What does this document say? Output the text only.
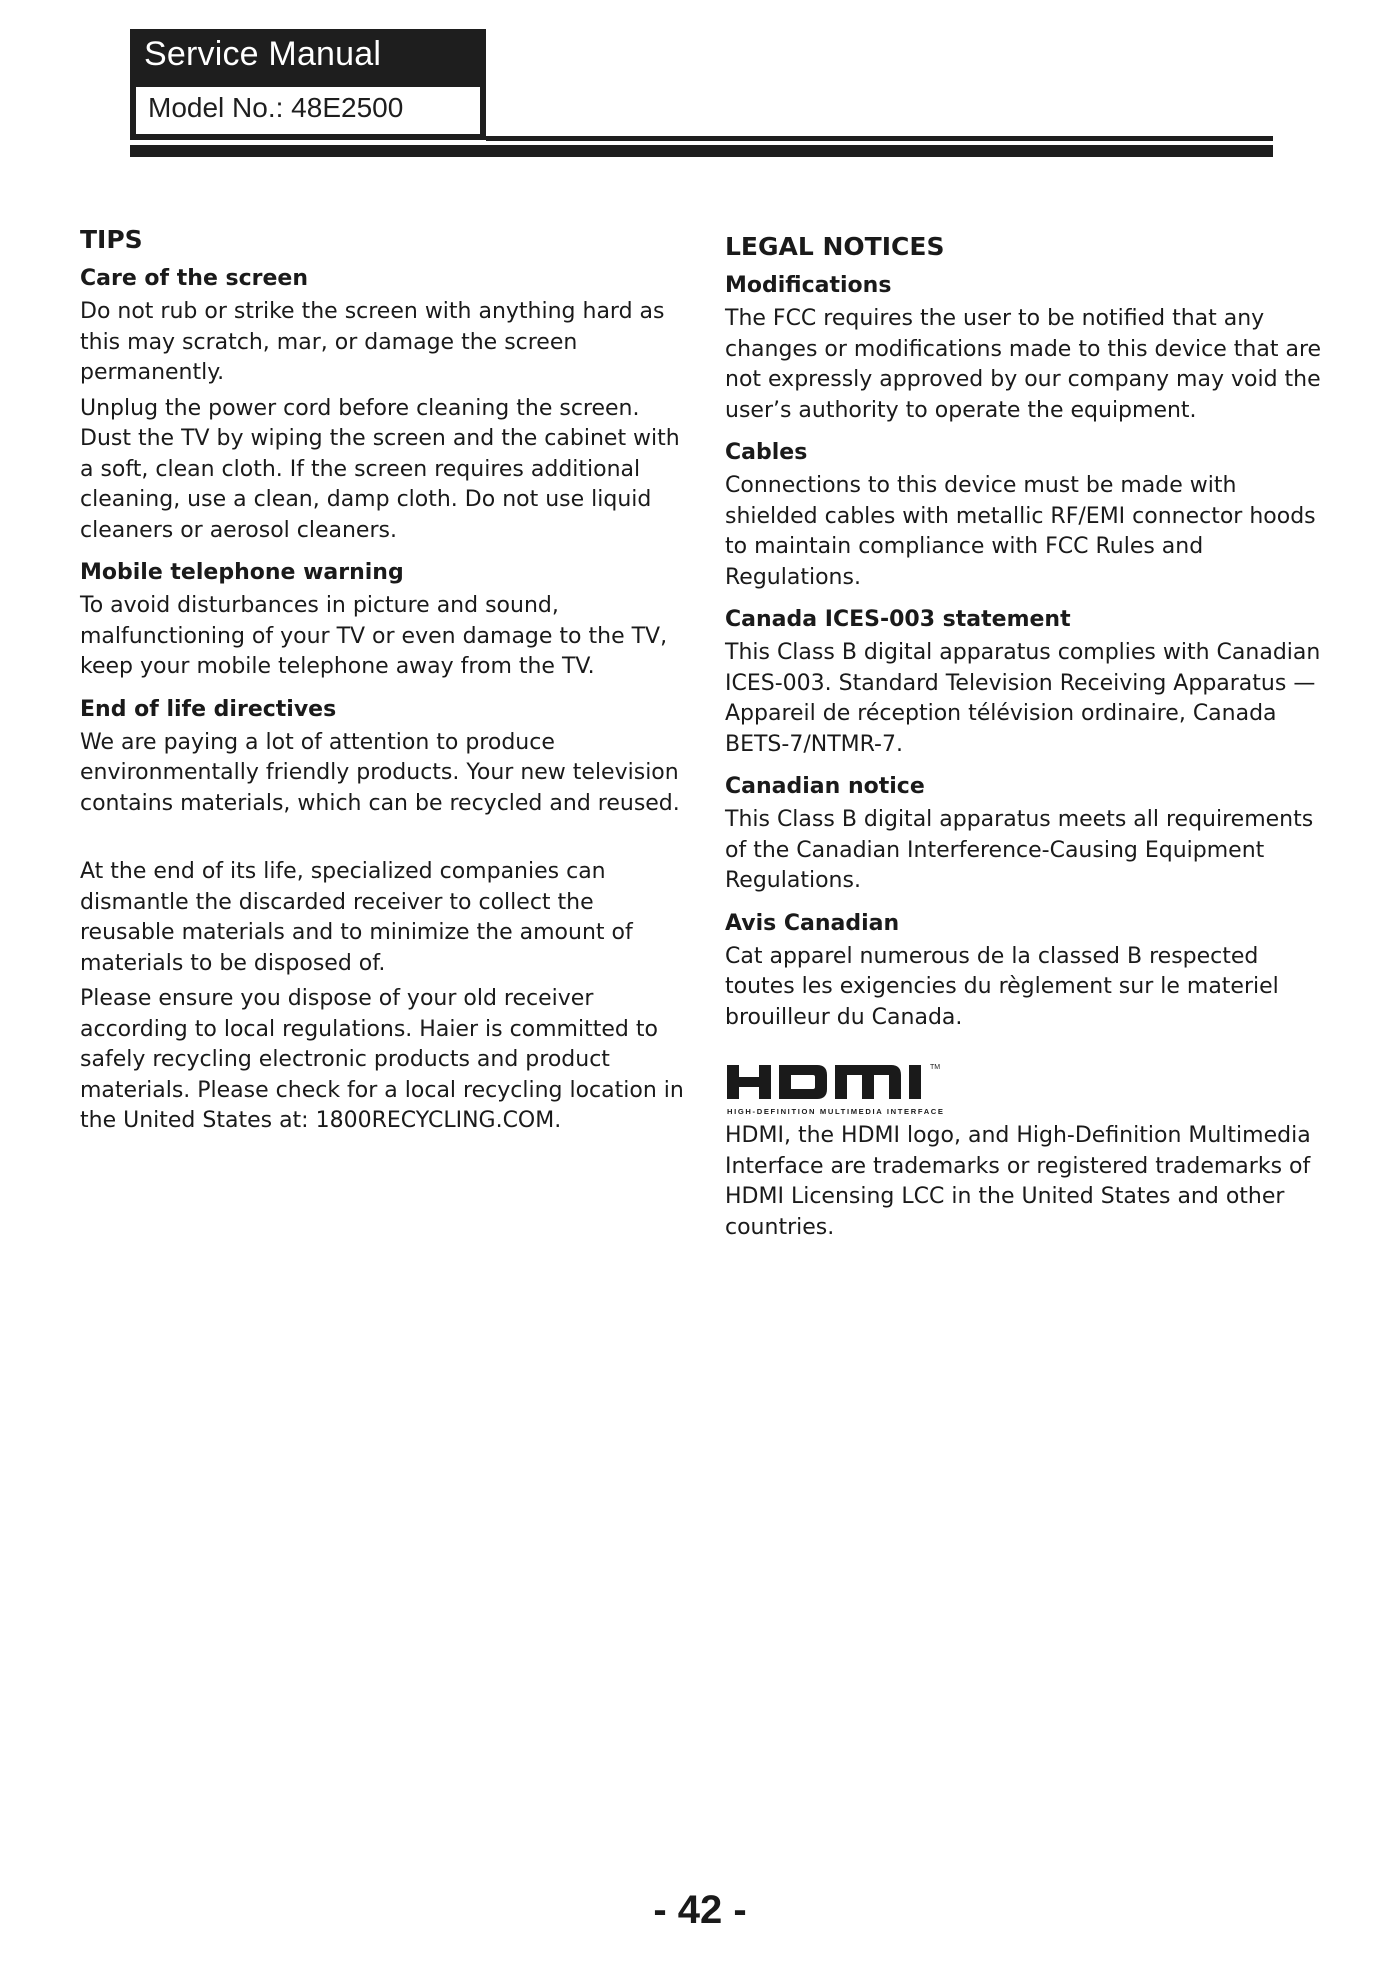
Service Manual
Model No.: 48E2500
TIPS
Care of the screen

Do not rub or strike the screen with anything hard as this may scratch, mar, or damage the screen permanently.

Unplug the power cord before cleaning the screen. Dust the TV by wiping the screen and the cabinet with a soft, clean cloth. If the screen requires additional cleaning, use a clean, damp cloth. Do not use liquid cleaners or aerosol cleaners.

Mobile telephone warning

To avoid disturbances in picture and sound, malfunctioning of your TV or even damage to the TV, keep your mobile telephone away from the TV.

End of life directives

We are paying a lot of attention to produce environmentally friendly products. Your new television contains materials, which can be recycled and reused.

At the end of its life, specialized companies can dismantle the discarded receiver to collect the reusable materials and to minimize the amount of materials to be disposed of.

Please ensure you dispose of your old receiver according to local regulations. Haier is committed to safely recycling electronic products and product materials. Please check for a local recycling location in the United States at: 1800RECYCLING.COM.

LEGAL NOTICES
Modifications

The FCC requires the user to be notified that any changes or modifications made to this device that are not expressly approved by our company may void the user’s authority to operate the equipment.

Cables

Connections to this device must be made with shielded cables with metallic RF/EMI connector hoods to maintain compliance with FCC Rules and Regulations.

Canada ICES-003 statement

This Class B digital apparatus complies with Canadian ICES-003. Standard Television Receiving Apparatus — Appareil de réception télévision ordinaire, Canada BETS-7/NTMR-7.

Canadian notice

This Class B digital apparatus meets all requirements of the Canadian Interference-Causing Equipment Regulations.

Avis Canadian

Cat apparel numerous de la classed B respected toutes les exigencies du règlement sur le materiel brouilleur du Canada.

TM
HIGH-DEFINITION MULTIMEDIA INTERFACE

HDMI, the HDMI logo, and High-Definition Multimedia Interface are trademarks or registered trademarks of HDMI Licensing LCC in the United States and other countries.

- 42 -
